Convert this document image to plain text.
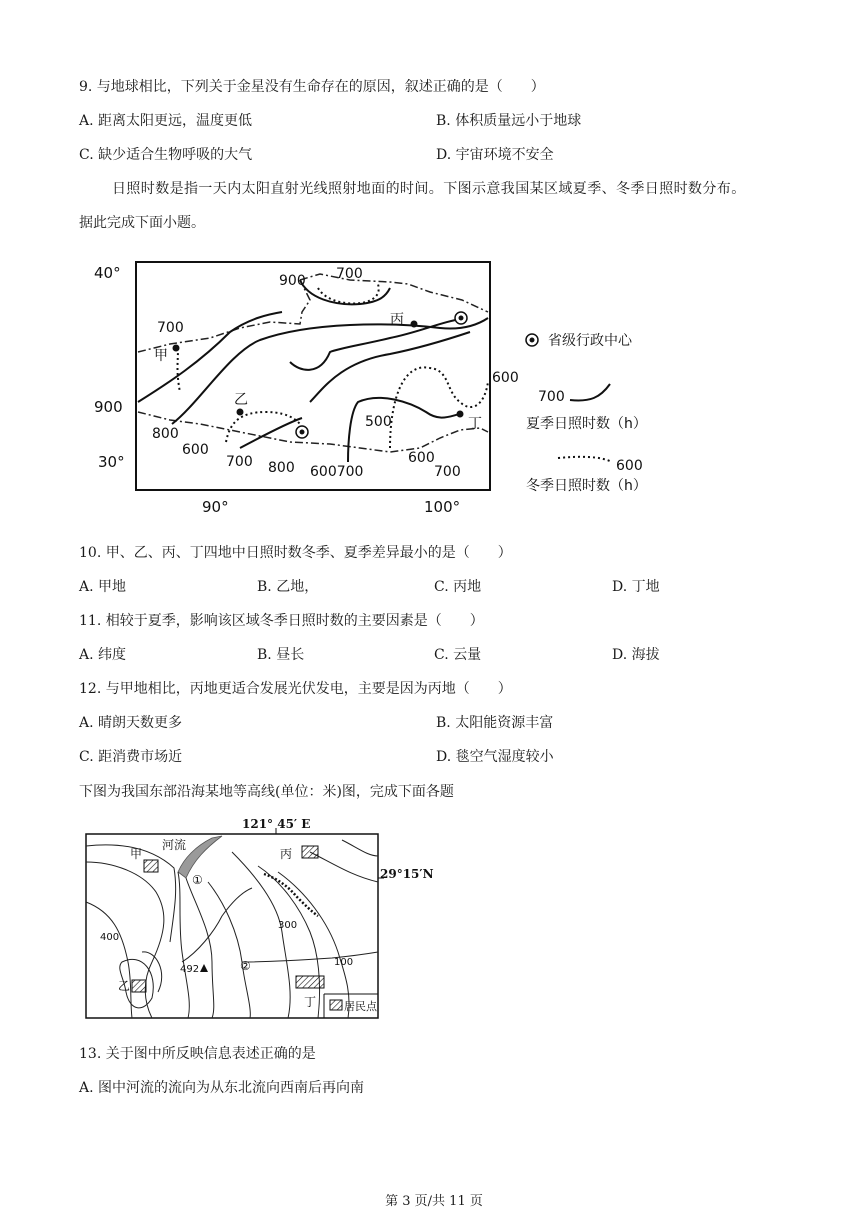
9. 与地球相比，下列关于金星没有生命存在的原因，叙述正确的是（　　）
A. 距离太阳更远，温度更低	B. 体积质量远小于地球
C. 缺少适合生物呼吸的大气	D. 宇宙环境不安全
日照时数是指一天内太阳直射光线照射地面的时间。下图示意我国某区域夏季、冬季日照时数分布。
据此完成下面小题。
40°
30°
90°	100°
900
甲
乙
丙
丁
900 700
700
800
600
700 800 600700
500
600
700
600
省级行政中心
700
夏季日照时数（h）
600
冬季日照时数（h）
10. 甲、乙、丙、丁四地中日照时数冬季、夏季差异最小的是（　　）
A. 甲地	B. 乙地，	C. 丙地	D. 丁地
11. 相较于夏季，影响该区域冬季日照时数的主要因素是（　　）
A. 纬度	B. 昼长	C. 云量	D. 海拔
12. 与甲地相比，丙地更适合发展光伏发电，主要是因为丙地（　　）
A. 晴朗天数更多	B. 太阳能资源丰富
C. 距消费市场近	D. 毯空气湿度较小
下图为我国东部沿海某地等高线(单位：米)图，完成下面各题
121° 45′ E
29°15′N
河流
甲
乙
丙
丁
①
②
492
400
300
100
居民点
13. 关于图中所反映信息表述正确的是
A. 图中河流的流向为从东北流向西南后再向南
第 3 页/共 11 页
